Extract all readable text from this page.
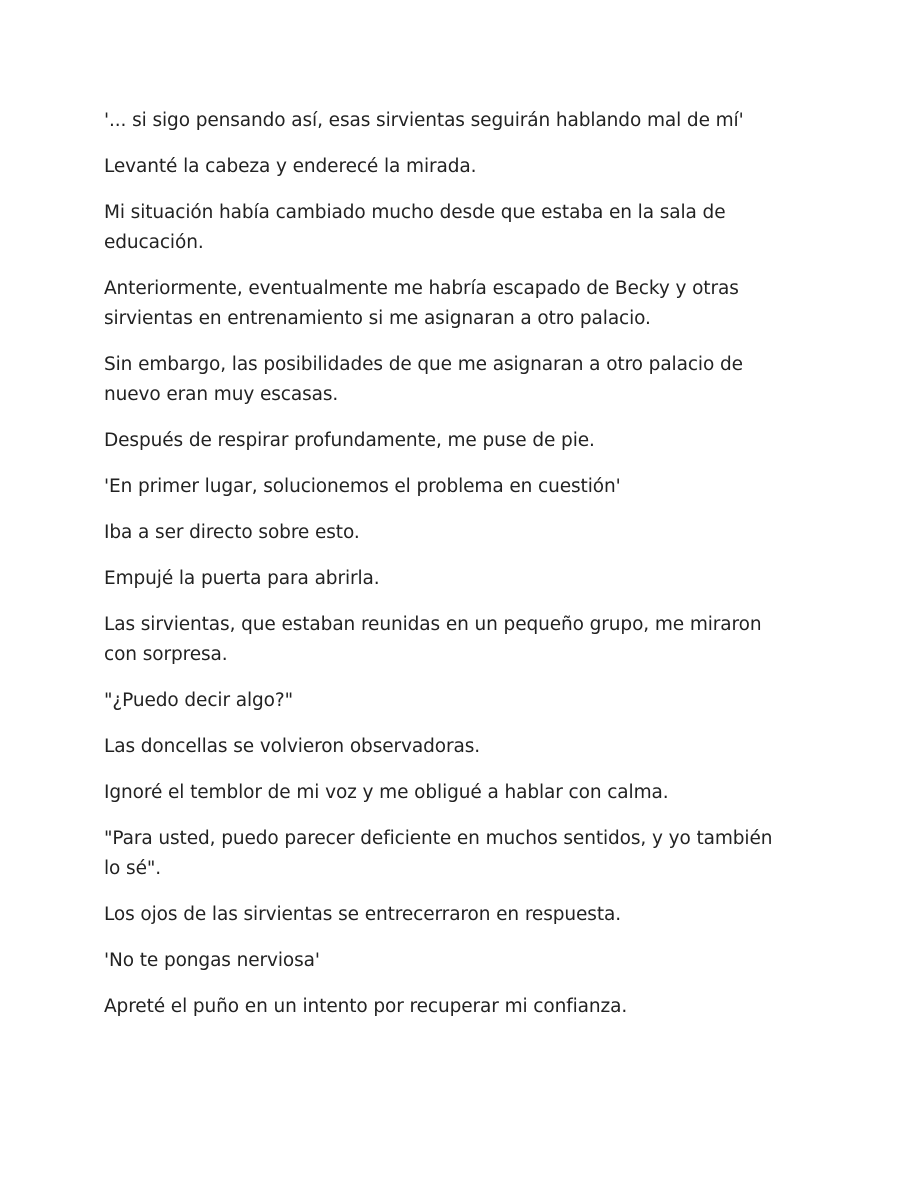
'... si sigo pensando así, esas sirvientas seguirán hablando mal de mí'

Levanté la cabeza y enderecé la mirada.

Mi situación había cambiado mucho desde que estaba en la sala de educación.

Anteriormente, eventualmente me habría escapado de Becky y otras sirvientas en entrenamiento si me asignaran a otro palacio.

Sin embargo, las posibilidades de que me asignaran a otro palacio de nuevo eran muy escasas.

Después de respirar profundamente, me puse de pie.

'En primer lugar, solucionemos el problema en cuestión'

Iba a ser directo sobre esto.

Empujé la puerta para abrirla.

Las sirvientas, que estaban reunidas en un pequeño grupo, me miraron con sorpresa.

"¿Puedo decir algo?"

Las doncellas se volvieron observadoras.

Ignoré el temblor de mi voz y me obligué a hablar con calma.

"Para usted, puedo parecer deficiente en muchos sentidos, y yo también lo sé".

Los ojos de las sirvientas se entrecerraron en respuesta.

'No te pongas nerviosa'

Apreté el puño en un intento por recuperar mi confianza.
